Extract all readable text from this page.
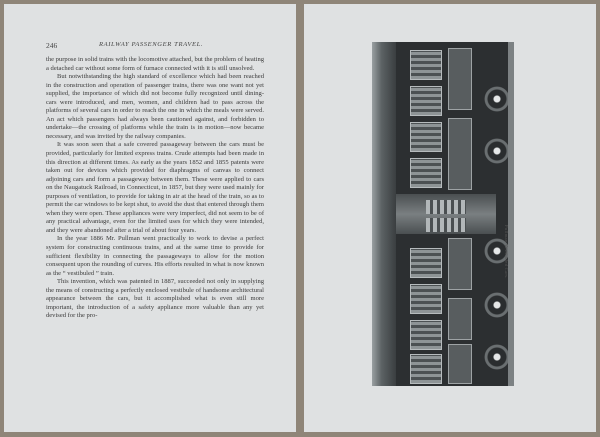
246	RAILWAY PASSENGER TRAVEL.

the purpose in solid trains with the locomotive attached, but the problem of heating a detached car without some form of furnace connected with it is still unsolved.

But notwithstanding the high standard of excellence which had been reached in the construction and operation of passenger trains, there was one want not yet supplied, the importance of which did not become fully recognized until dining-cars were introduced, and men, women, and children had to pass across the platforms of several cars in order to reach the one in which the meals were served. An act which passengers had always been cautioned against, and forbidden to undertake—the crossing of platforms while the train is in motion—now became necessary, and was invited by the railway companies.

It was soon seen that a safe covered passageway between the cars must be provided, particularly for limited express trains. Crude attempts had been made in this direction at different times. As early as the years 1852 and 1855 patents were taken out for devices which provided for diaphragms of canvas to connect adjoining cars and form a passageway between them. These were applied to cars on the Naugatuck Railroad, in Connecticut, in 1857, but they were used mainly for purposes of ventilation, to provide for taking in air at the head of the train, so as to permit the car windows to be kept shut, to avoid the dust that entered through them when they were open. These appliances were very imperfect, did not seem to be of any practical advantage, even for the limited uses for which they were intended, and they were abandoned after a trial of about four years.

In the year 1886 Mr. Pullman went practically to work to devise a perfect system for constructing continuous trains, and at the same time to provide for sufficient flexibility in connecting the passageways to allow for the motion consequent upon the rounding of curves. His efforts resulted in what is now known as the “ vestibuled ” train.

This invention, which was patented in 1887, succeeded not only in supplying the means of constructing a perfectly enclosed vestibule of handsome architectural appearance between the cars, but it accomplished what is even still more important, the introduction of a safety appliance more valuable than any yet devised for the pro-

Pullman Vestibuled Cars.
